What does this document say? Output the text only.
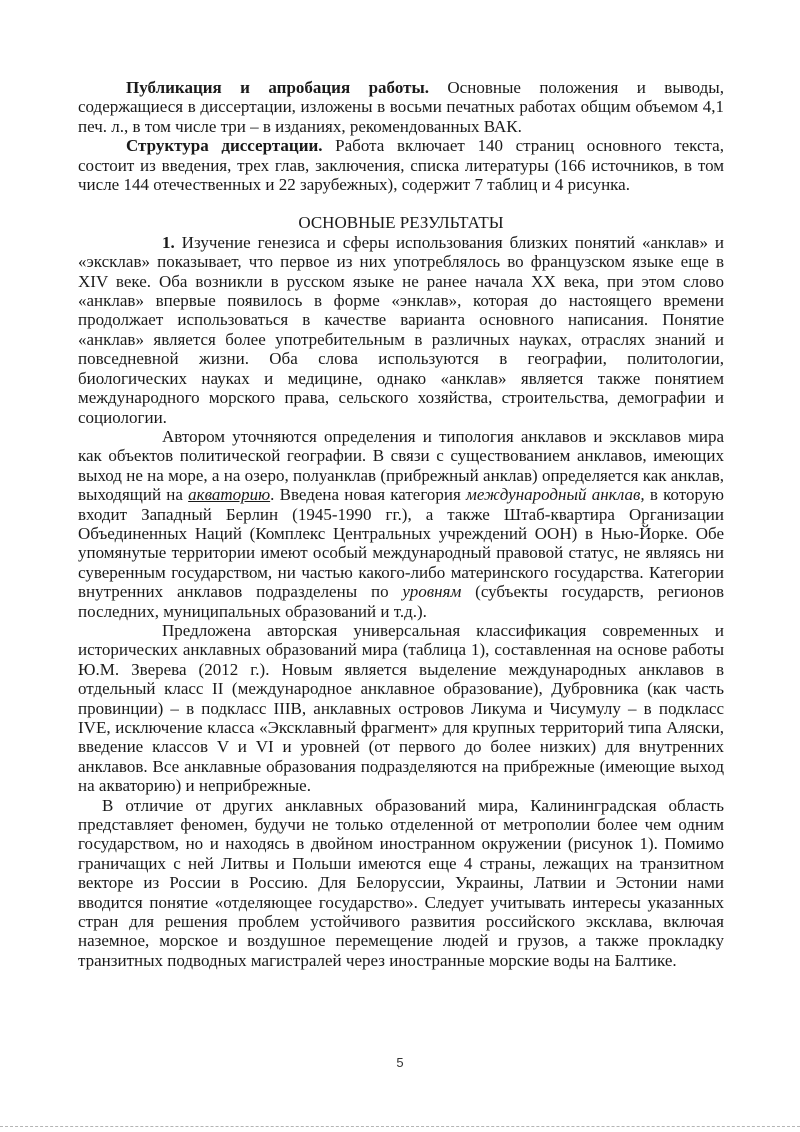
Публикация и апробация работы. Основные положения и выводы, содержащиеся в диссертации, изложены в восьми печатных работах общим объемом 4,1 печ. л., в том числе три – в изданиях, рекомендованных ВАК.

Структура диссертации. Работа включает 140 страниц основного текста, состоит из введения, трех глав, заключения, списка литературы (166 источников, в том числе 144 отечественных и 22 зарубежных), содержит 7 таблиц и 4 рисунка.

ОСНОВНЫЕ РЕЗУЛЬТАТЫ

1. Изучение генезиса и сферы использования близких понятий «анклав» и «эксклав» показывает, что первое из них употреблялось во французском языке еще в XIV веке. Оба возникли в русском языке не ранее начала XX века, при этом слово «анклав» впервые появилось в форме «энклав», которая до настоящего времени продолжает использоваться в качестве варианта основного написания. Понятие «анклав» является более употребительным в различных науках, отраслях знаний и повседневной жизни. Оба слова используются в географии, политологии, биологических науках и медицине, однако «анклав» является также понятием международного морского права, сельского хозяйства, строительства, демографии и социологии.

Автором уточняются определения и типология анклавов и эксклавов мира как объектов политической географии. В связи с существованием анклавов, имеющих выход не на море, а на озеро, полуанклав (прибрежный анклав) определяется как анклав, выходящий на акваторию. Введена новая категория международный анклав, в которую входит Западный Берлин (1945-1990 гг.), а также Штаб-квартира Организации Объединенных Наций (Комплекс Центральных учреждений ООН) в Нью-Йорке. Обе упомянутые территории имеют особый международный правовой статус, не являясь ни суверенным государством, ни частью какого-либо материнского государства. Категории внутренних анклавов подразделены по уровням (субъекты государств, регионов последних, муниципальных образований и т.д.).

Предложена авторская универсальная классификация современных и исторических анклавных образований мира (таблица 1), составленная на основе работы Ю.М. Зверева (2012 г.). Новым является выделение международных анклавов в отдельный класс II (международное анклавное образование), Дубровника (как часть провинции) – в подкласс IIIB, анклавных островов Ликума и Чисумулу – в подкласс IVE, исключение класса «Эксклавный фрагмент» для крупных территорий типа Аляски, введение классов V и VI и уровней (от первого до более низких) для внутренних анклавов. Все анклавные образования подразделяются на прибрежные (имеющие выход на акваторию) и неприбрежные.

В отличие от других анклавных образований мира, Калининградская область представляет феномен, будучи не только отделенной от метрополии более чем одним государством, но и находясь в двойном иностранном окружении (рисунок 1). Помимо граничащих с ней Литвы и Польши имеются еще 4 страны, лежащих на транзитном векторе из России в Россию. Для Белоруссии, Украины, Латвии и Эстонии нами вводится понятие «отделяющее государство». Следует учитывать интересы указанных стран для решения проблем устойчивого развития российского эксклава, включая наземное, морское и воздушное перемещение людей и грузов, а также прокладку транзитных подводных магистралей через иностранные морские воды на Балтике.

5
